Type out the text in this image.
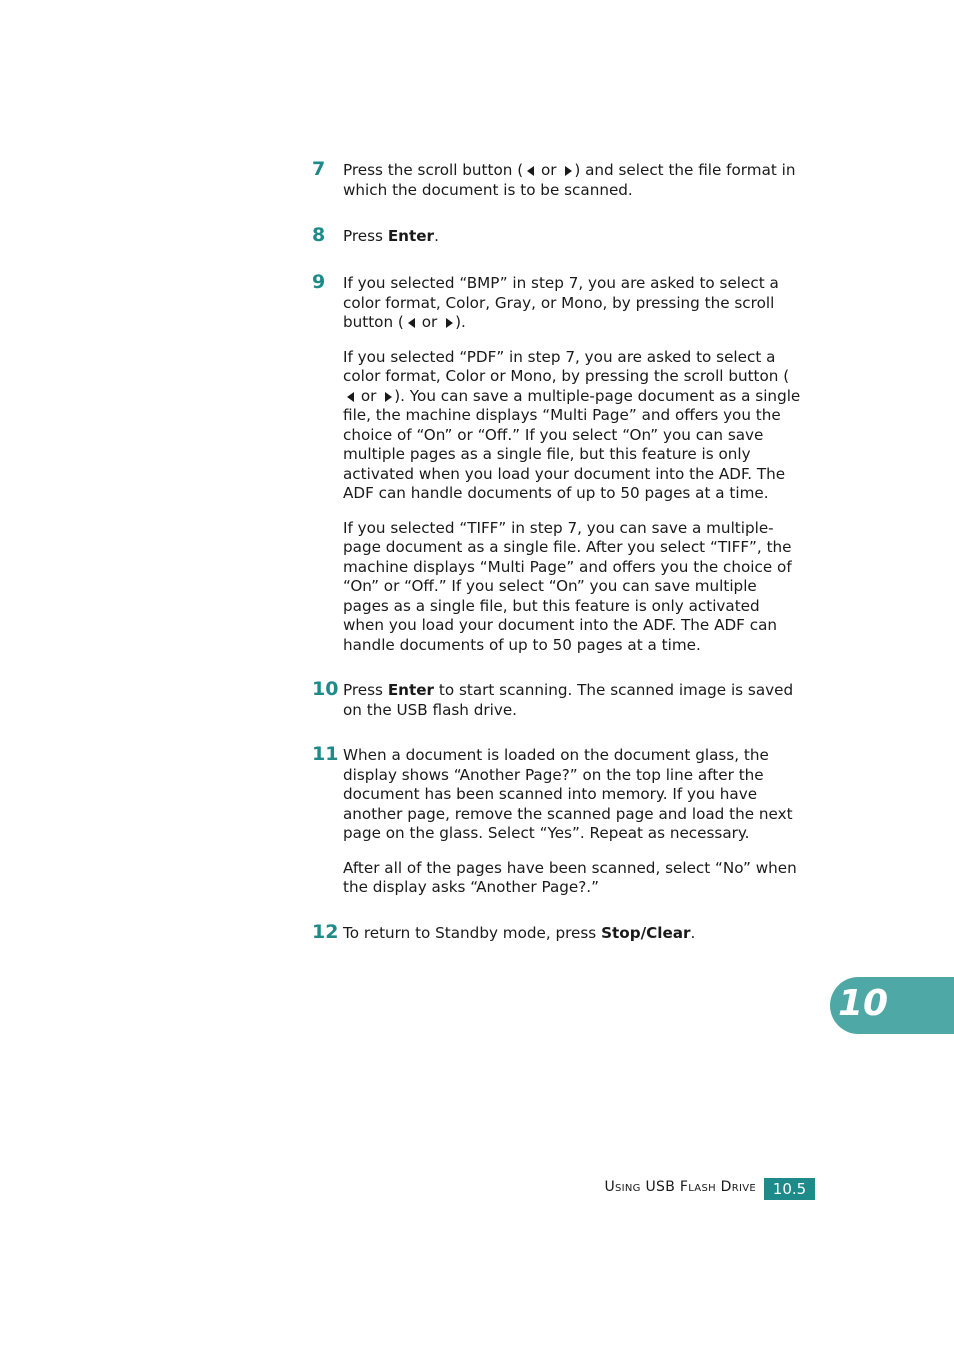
7 Press the scroll button ( or ) and select the file format in which the document is to be scanned.

8 Press Enter.

9 If you selected “BMP” in step 7, you are asked to select a color format, Color, Gray, or Mono, by pressing the scroll button ( or ).

If you selected “PDF” in step 7, you are asked to select a color format, Color or Mono, by pressing the scroll button ( or ). You can save a multiple-page document as a single file, the machine displays “Multi Page” and offers you the choice of “On” or “Off.” If you select “On” you can save multiple pages as a single file, but this feature is only activated when you load your document into the ADF. The ADF can handle documents of up to 50 pages at a time.

If you selected “TIFF” in step 7, you can save a multiple-page document as a single file. After you select “TIFF”, the machine displays “Multi Page” and offers you the choice of “On” or “Off.” If you select “On” you can save multiple pages as a single file, but this feature is only activated when you load your document into the ADF. The ADF can handle documents of up to 50 pages at a time.

10 Press Enter to start scanning. The scanned image is saved on the USB flash drive.

11 When a document is loaded on the document glass, the display shows “Another Page?” on the top line after the document has been scanned into memory. If you have another page, remove the scanned page and load the next page on the glass. Select “Yes”. Repeat as necessary.

After all of the pages have been scanned, select “No” when the display asks “Another Page?.”

12 To return to Standby mode, press Stop/Clear.

10
Using USB Flash Drive	10.5
